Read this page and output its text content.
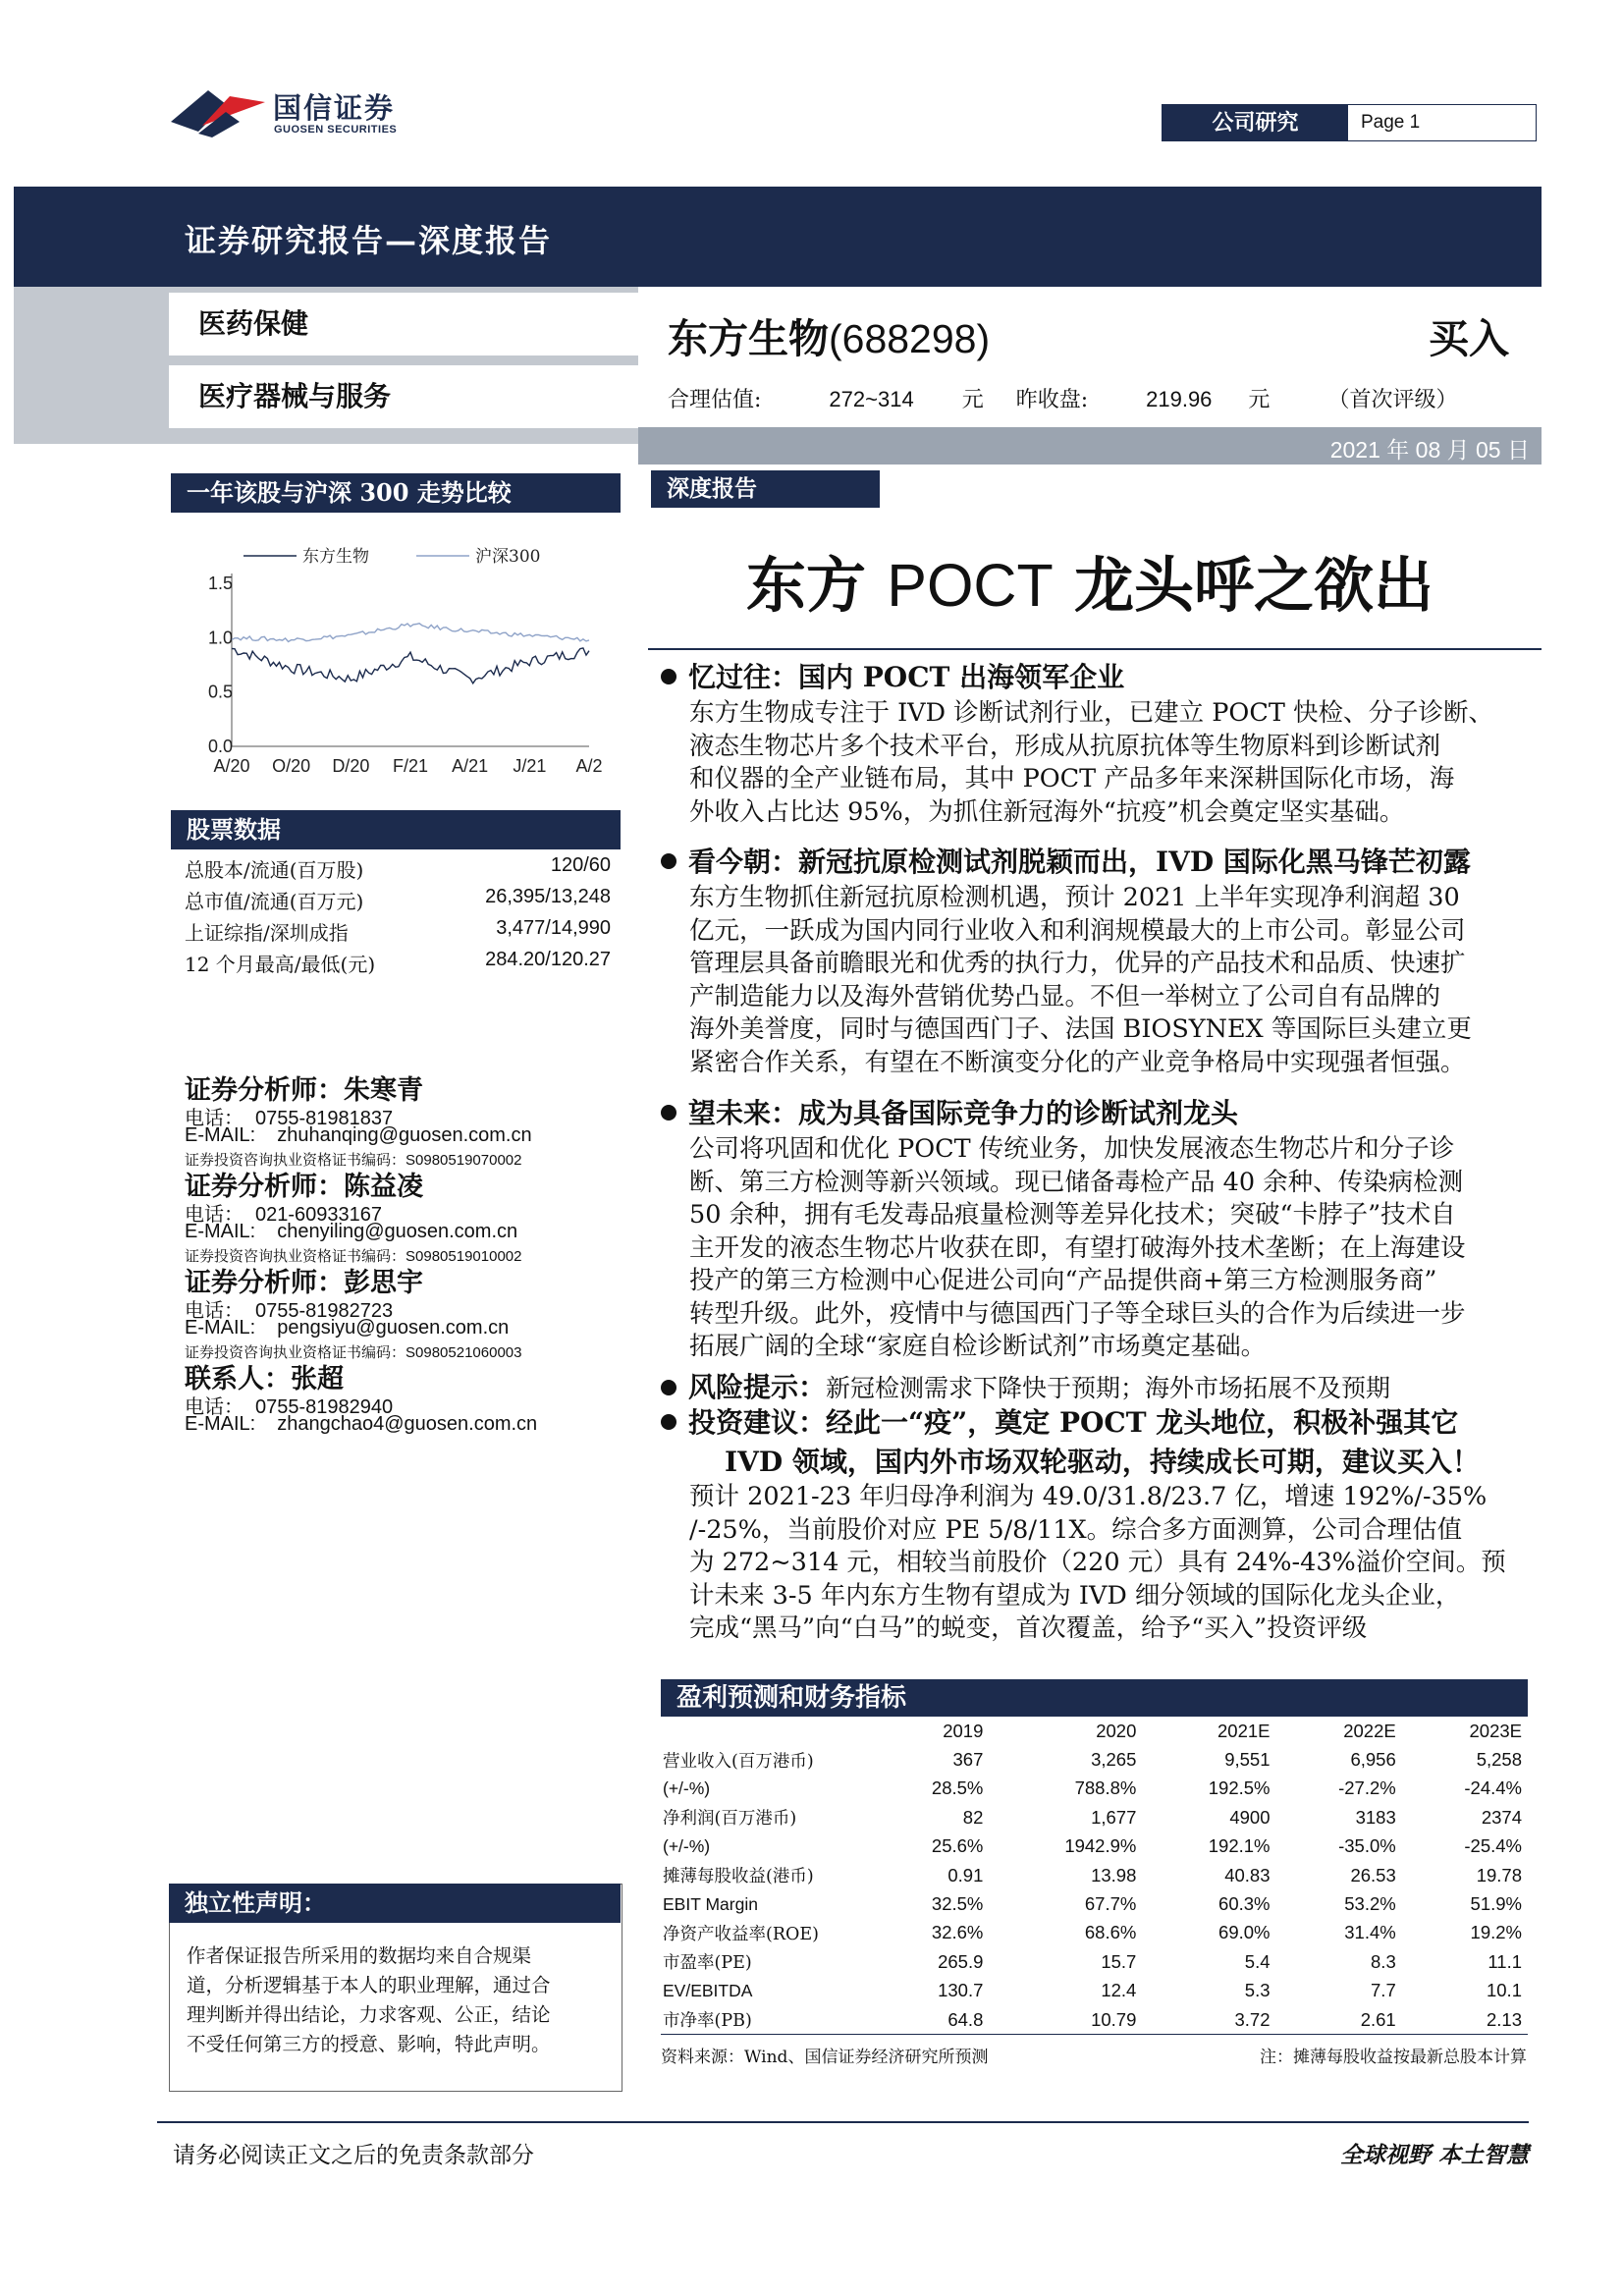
国信证券
GUOSEN SECURITIES	公司研究	Page 1
证券研究报告—深度报告
医药保健
医疗器械与服务
东方生物(688298)	买入
合理估值:	272~314 元 昨收盘:	219.96 元	（首次评级）
2021 年 08 月 05 日
一年该股与沪深 300 走势比较
1.5
1.0
0.5
0.0
A/20 O/20 D/20 F/21 A/21 J/21 A/2
东方生物	沪深300
股票数据
总股本/流通(百万股)	120/60
总市值/流通(百万元)	26,395/13,248
上证综指/深圳成指	3,477/14,990
12 个月最高/最低(元)	284.20/120.27
证券分析师：朱寒青
电话： 0755-81981837
E-MAIL: zhuhanqing@guosen.com.cn
证券投资咨询执业资格证书编码：S0980519070002
证券分析师：陈益凌
电话： 021-60933167
E-MAIL: chenyiling@guosen.com.cn
证券投资咨询执业资格证书编码：S0980519010002
证券分析师：彭思宇
电话： 0755-81982723
E-MAIL: pengsiyu@guosen.com.cn
证券投资咨询执业资格证书编码：S0980521060003
联系人：张超
电话： 0755-81982940
E-MAIL: zhangchao4@guosen.com.cn
独立性声明：
作者保证报告所采用的数据均来自合规渠
道，分析逻辑基于本人的职业理解，通过合
理判断并得出结论，力求客观、公正，结论
不受任何第三方的授意、影响，特此声明。
深度报告
东方 POCT 龙头呼之欲出
忆过往：国内 POCT 出海领军企业
东方生物成专注于 IVD 诊断试剂行业，已建立 POCT 快检、分子诊断、
液态生物芯片多个技术平台，形成从抗原抗体等生物原料到诊断试剂
和仪器的全产业链布局，其中 POCT 产品多年来深耕国际化市场，海
外收入占比达 95%，为抓住新冠海外“抗疫”机会奠定坚实基础。
看今朝：新冠抗原检测试剂脱颖而出，IVD 国际化黑马锋芒初露
东方生物抓住新冠抗原检测机遇，预计 2021 上半年实现净利润超 30
亿元，一跃成为国内同行业收入和利润规模最大的上市公司。彰显公司
管理层具备前瞻眼光和优秀的执行力，优异的产品技术和品质、快速扩
产制造能力以及海外营销优势凸显。不但一举树立了公司自有品牌的
海外美誉度，同时与德国西门子、法国 BIOSYNEX 等国际巨头建立更
紧密合作关系，有望在不断演变分化的产业竞争格局中实现强者恒强。
望未来：成为具备国际竞争力的诊断试剂龙头
公司将巩固和优化 POCT 传统业务，加快发展液态生物芯片和分子诊
断、第三方检测等新兴领域。现已储备毒检产品 40 余种、传染病检测
50 余种，拥有毛发毒品痕量检测等差异化技术；突破“卡脖子”技术自
主开发的液态生物芯片收获在即，有望打破海外技术垄断；在上海建设
投产的第三方检测中心促进公司向“产品提供商+第三方检测服务商”
转型升级。此外，疫情中与德国西门子等全球巨头的合作为后续进一步
拓展广阔的全球“家庭自检诊断试剂”市场奠定基础。
风险提示：新冠检测需求下降快于预期；海外市场拓展不及预期
投资建议：经此一“疫”，奠定 POCT 龙头地位，积极补强其它
IVD 领域，国内外市场双轮驱动，持续成长可期，建议买入！
预计 2021-23 年归母净利润为 49.0/31.8/23.7 亿，增速 192%/-35%
/-25%，当前股价对应 PE 5/8/11X。综合多方面测算，公司合理估值
为 272~314 元，相较当前股价（220 元）具有 24%-43%溢价空间。预
计未来 3-5 年内东方生物有望成为 IVD 细分领域的国际化龙头企业，
完成“黑马”向“白马”的蜕变，首次覆盖，给予“买入”投资评级
盈利预测和财务指标
	2019	2020	2021E	2022E	2023E
营业收入(百万港币)	367	3,265	9,551	6,956	5,258
(+/-%)	28.5%	788.8%	192.5%	-27.2%	-24.4%
净利润(百万港币)	82	1,677	4900	3183	2374
(+/-%)	25.6%	1942.9%	192.1%	-35.0%	-25.4%
摊薄每股收益(港币)	0.91	13.98	40.83	26.53	19.78
EBIT Margin	32.5%	67.7%	60.3%	53.2%	51.9%
净资产收益率(ROE)	32.6%	68.6%	69.0%	31.4%	19.2%
市盈率(PE)	265.9	15.7	5.4	8.3	11.1
EV/EBITDA	130.7	12.4	5.3	7.7	10.1
市净率(PB)	64.8	10.79	3.72	2.61	2.13
资料来源：Wind、国信证券经济研究所预测	注：摊薄每股收益按最新总股本计算
请务必阅读正文之后的免责条款部分	全球视野 本土智慧
